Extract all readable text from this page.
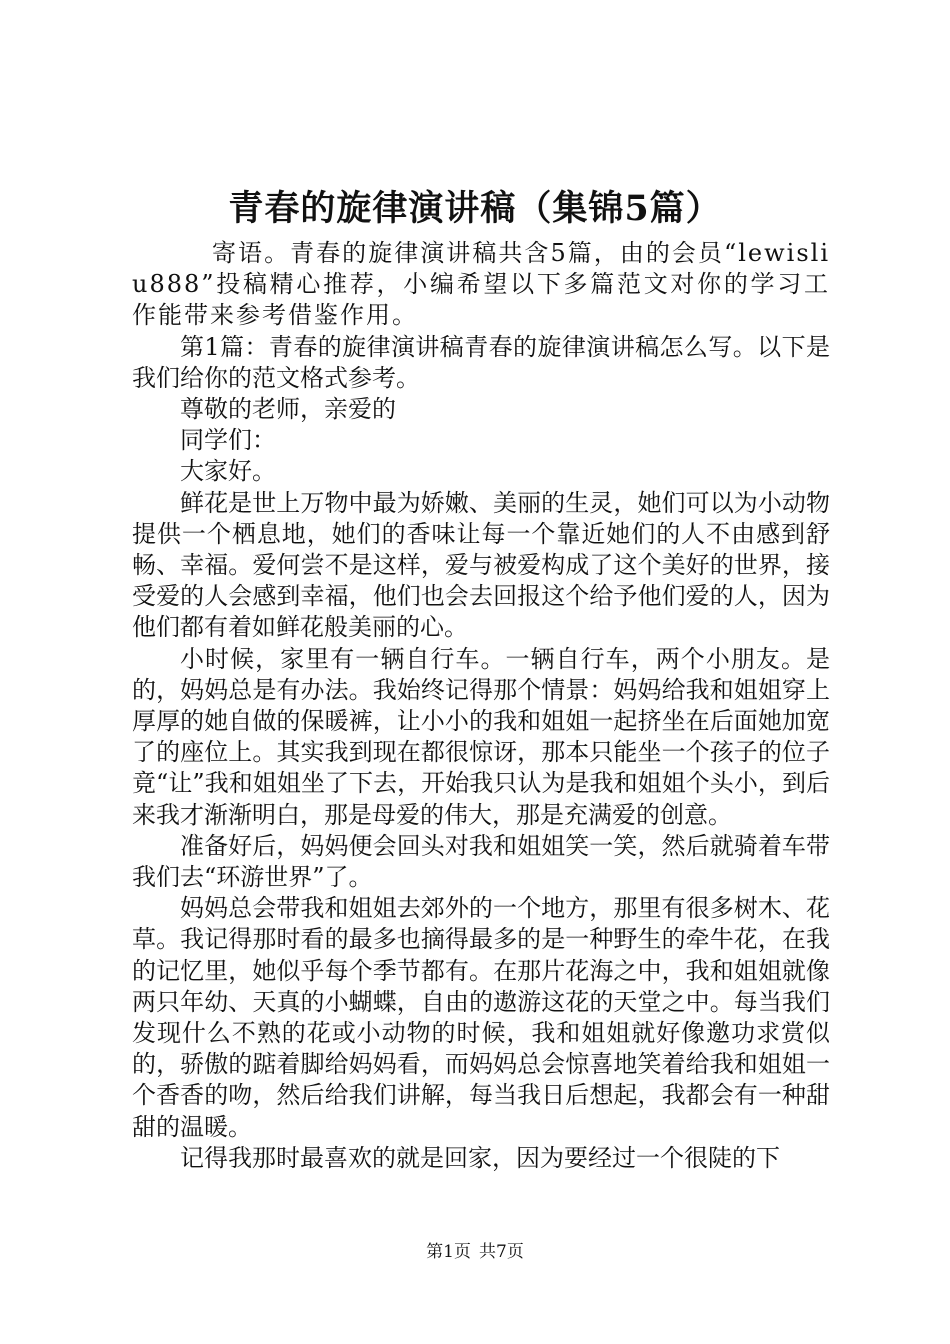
青春的旋律演讲稿（集锦5篇）

寄语。青春的旋律演讲稿共含5篇，由的会员“lewisliu888”投稿精心推荐，小编希望以下多篇范文对你的学习工作能带来参考借鉴作用。

第1篇：青春的旋律演讲稿青春的旋律演讲稿怎么写。以下是我们给你的范文格式参考。

尊敬的老师，亲爱的

同学们：

大家好。

鲜花是世上万物中最为娇嫩、美丽的生灵，她们可以为小动物提供一个栖息地，她们的香味让每一个靠近她们的人不由感到舒畅、幸福。爱何尝不是这样，爱与被爱构成了这个美好的世界，接受爱的人会感到幸福，他们也会去回报这个给予他们爱的人，因为他们都有着如鲜花般美丽的心。

小时候，家里有一辆自行车。一辆自行车，两个小朋友。是的，妈妈总是有办法。我始终记得那个情景：妈妈给我和姐姐穿上厚厚的她自做的保暖裤，让小小的我和姐姐一起挤坐在后面她加宽了的座位上。其实我到现在都很惊讶，那本只能坐一个孩子的位子竟“让”我和姐姐坐了下去，开始我只认为是我和姐姐个头小，到后来我才渐渐明白，那是母爱的伟大，那是充满爱的创意。

准备好后，妈妈便会回头对我和姐姐笑一笑，然后就骑着车带我们去“环游世界”了。

妈妈总会带我和姐姐去郊外的一个地方，那里有很多树木、花草。我记得那时看的最多也摘得最多的是一种野生的牵牛花，在我的记忆里，她似乎每个季节都有。在那片花海之中，我和姐姐就像两只年幼、天真的小蝴蝶，自由的遨游这花的天堂之中。每当我们发现什么不熟的花或小动物的时候，我和姐姐就好像邀功求赏似的，骄傲的踮着脚给妈妈看，而妈妈总会惊喜地笑着给我和姐姐一个香香的吻，然后给我们讲解，每当我日后想起，我都会有一种甜甜的温暖。

记得我那时最喜欢的就是回家，因为要经过一个很陡的下

第1页 共7页
